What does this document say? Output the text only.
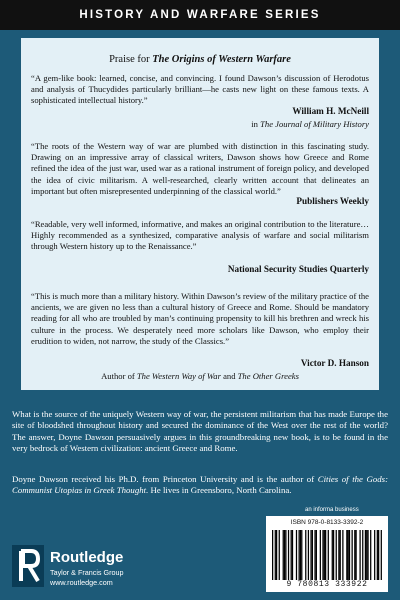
HISTORY AND WARFARE SERIES
Praise for The Origins of Western Warfare
“A gem-like book: learned, concise, and convincing. I found Dawson’s discussion of Herodotus and analysis of Thucydides particularly brilliant—he casts new light on these famous texts. A sophisticated intellectual history.”
William H. McNeill
in The Journal of Military History
“The roots of the Western way of war are plumbed with distinction in this fascinating study. Drawing on an impressive array of classical writers, Dawson shows how Greece and Rome refined the idea of the just war, used war as a rational instrument of foreign policy, and developed the idea of civic militarism. A well-researched, clearly written account that delineates an important but often misrepresented underpinning of the classical world.”
Publishers Weekly
“Readable, very well informed, informative, and makes an original contribution to the literature… Highly recommended as a synthesized, comparative analysis of warfare and social militarism through Western history up to the Renaissance.”
National Security Studies Quarterly
“This is much more than a military history. Within Dawson’s review of the military practice of the ancients, we are given no less than a cultural history of Greece and Rome. Should be mandatory reading for all who are troubled by man’s continuing propensity to kill his brethren and wreck his culture in the process. We desperately need more scholars like Dawson, who employ their erudition to widen, not narrow, the study of the Classics.”
Victor D. Hanson
Author of The Western Way of War and The Other Greeks
What is the source of the uniquely Western way of war, the persistent militarism that has made Europe the site of bloodshed throughout history and secured the dominance of the West over the rest of the world? The answer, Doyne Dawson persuasively argues in this groundbreaking new book, is to be found in the very bedrock of Western civilization: ancient Greece and Rome.
Doyne Dawson received his Ph.D. from Princeton University and is the author of Cities of the Gods: Communist Utopias in Greek Thought. He lives in Greensboro, North Carolina.
Routledge
Taylor & Francis Group
www.routledge.com
an informa business
ISBN 978-0-8133-3392-2
9 780813 333922
